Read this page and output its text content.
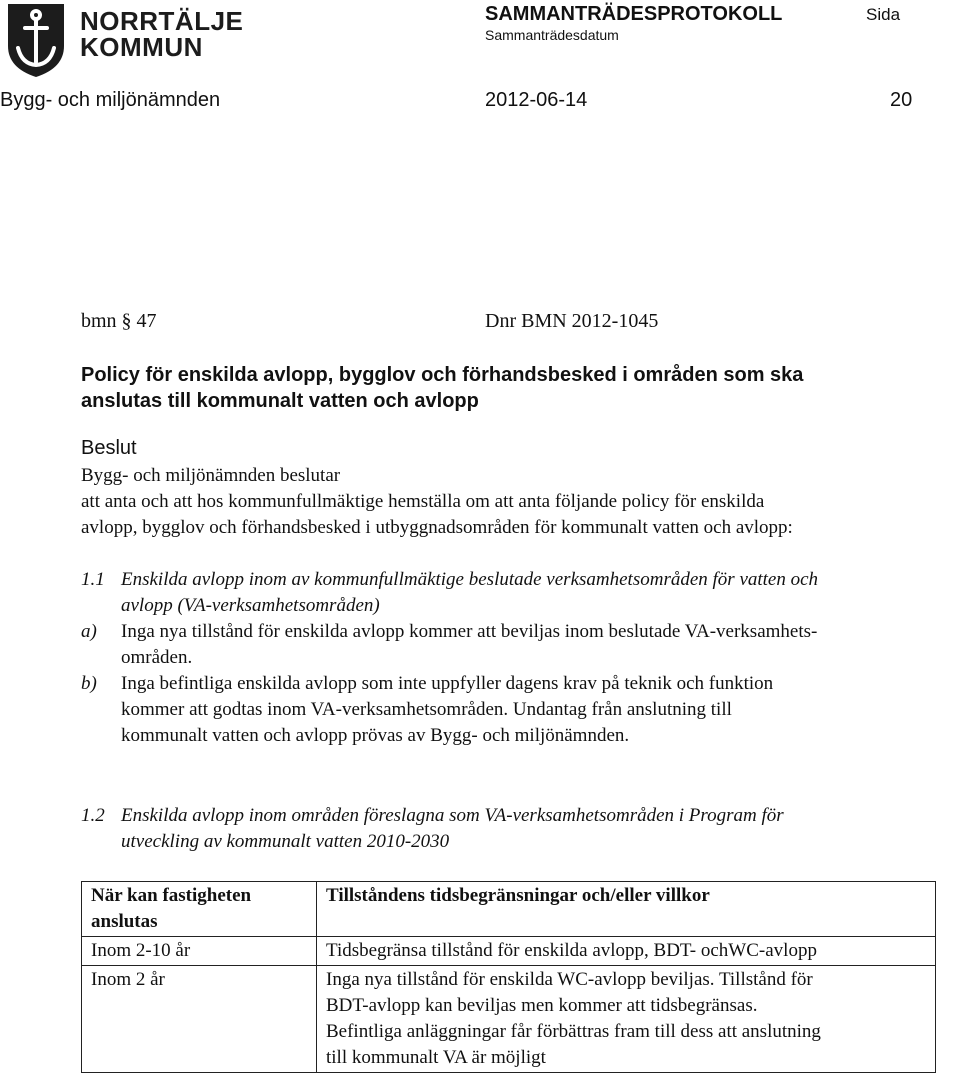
NORRTÄLJE
KOMMUN
SAMMANTRÄDESPROTOKOLL	Sida
Sammanträdesdatum
Bygg- och miljönämnden	2012-06-14	20
bmn § 47	Dnr BMN 2012-1045
Policy för enskilda avlopp, bygglov och förhandsbesked i områden som ska
anslutas till kommunalt vatten och avlopp
Beslut
Bygg- och miljönämnden beslutar
att anta och att hos kommunfullmäktige hemställa om att anta följande policy för enskilda
avlopp, bygglov och förhandsbesked i utbyggnadsområden för kommunalt vatten och avlopp:
1.1 Enskilda avlopp inom av kommunfullmäktige beslutade verksamhetsområden för vatten och
avlopp (VA-verksamhetsområden)
a) Inga nya tillstånd för enskilda avlopp kommer att beviljas inom beslutade VA-verksamhets-
områden.
b) Inga befintliga enskilda avlopp som inte uppfyller dagens krav på teknik och funktion
kommer att godtas inom VA-verksamhetsområden. Undantag från anslutning till
kommunalt vatten och avlopp prövas av Bygg- och miljönämnden.
1.2 Enskilda avlopp inom områden föreslagna som VA-verksamhetsområden i Program för
utveckling av kommunalt vatten 2010-2030
När kan fastigheten
anslutas	Tillståndens tidsbegränsningar och/eller villkor

Inom 2-10 år	Tidsbegränsa tillstånd för enskilda avlopp, BDT- ochWC-avlopp

Inom 2 år	Inga nya tillstånd för enskilda WC-avlopp beviljas. Tillstånd för
BDT-avlopp kan beviljas men kommer att tidsbegränsas.
Befintliga anläggningar får förbättras fram till dess att anslutning
till kommunalt VA är möjligt
